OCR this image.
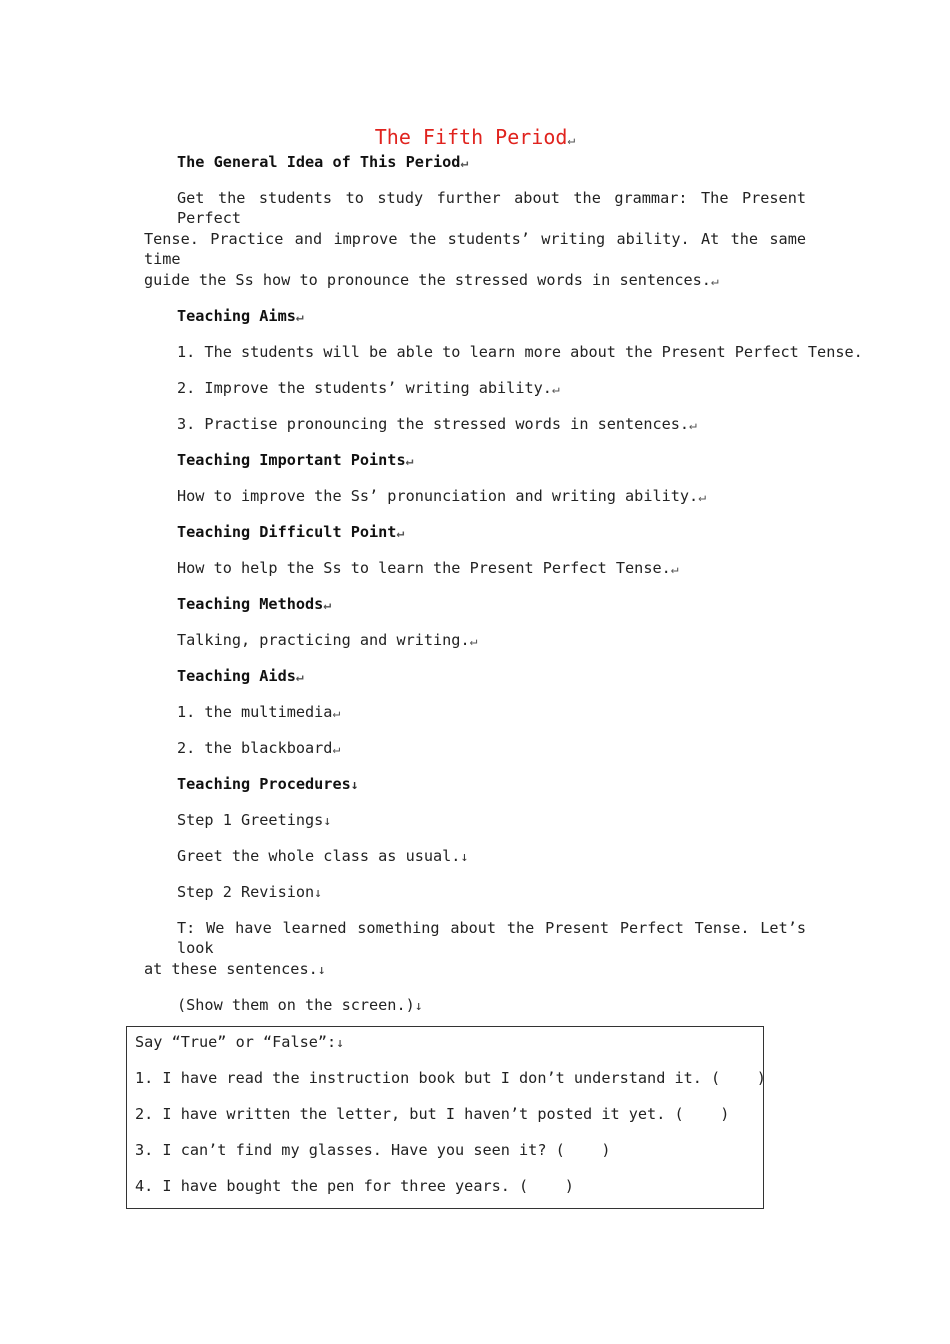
The Fifth Period↵
The General Idea of This Period↵
Get the students to study further about the grammar: The Present Perfect
Tense. Practice and improve the students’ writing ability. At the same time
guide the Ss how to pronounce the stressed words in sentences.↵
Teaching Aims↵
1. The students will be able to learn more about the Present Perfect Tense.
2. Improve the students’ writing ability.↵
3. Practise pronouncing the stressed words in sentences.↵
Teaching Important Points↵
How to improve the Ss’ pronunciation and writing ability.↵
Teaching Difficult Point↵
How to help the Ss to learn the Present Perfect Tense.↵
Teaching Methods↵
Talking, practicing and writing.↵
Teaching Aids↵
1. the multimedia↵
2. the blackboard↵
Teaching Procedures↓
Step 1 Greetings↓
Greet the whole class as usual.↓
Step 2 Revision↓
T: We have learned something about the Present Perfect Tense. Let’s look
at these sentences.↓
(Show them on the screen.)↓
Say “True” or “False”:↓
1. I have read the instruction book but I don’t understand it. (    )
2. I have written the letter, but I haven’t posted it yet. (    )
3. I can’t find my glasses. Have you seen it? (    )
4. I have bought the pen for three years. (    )
